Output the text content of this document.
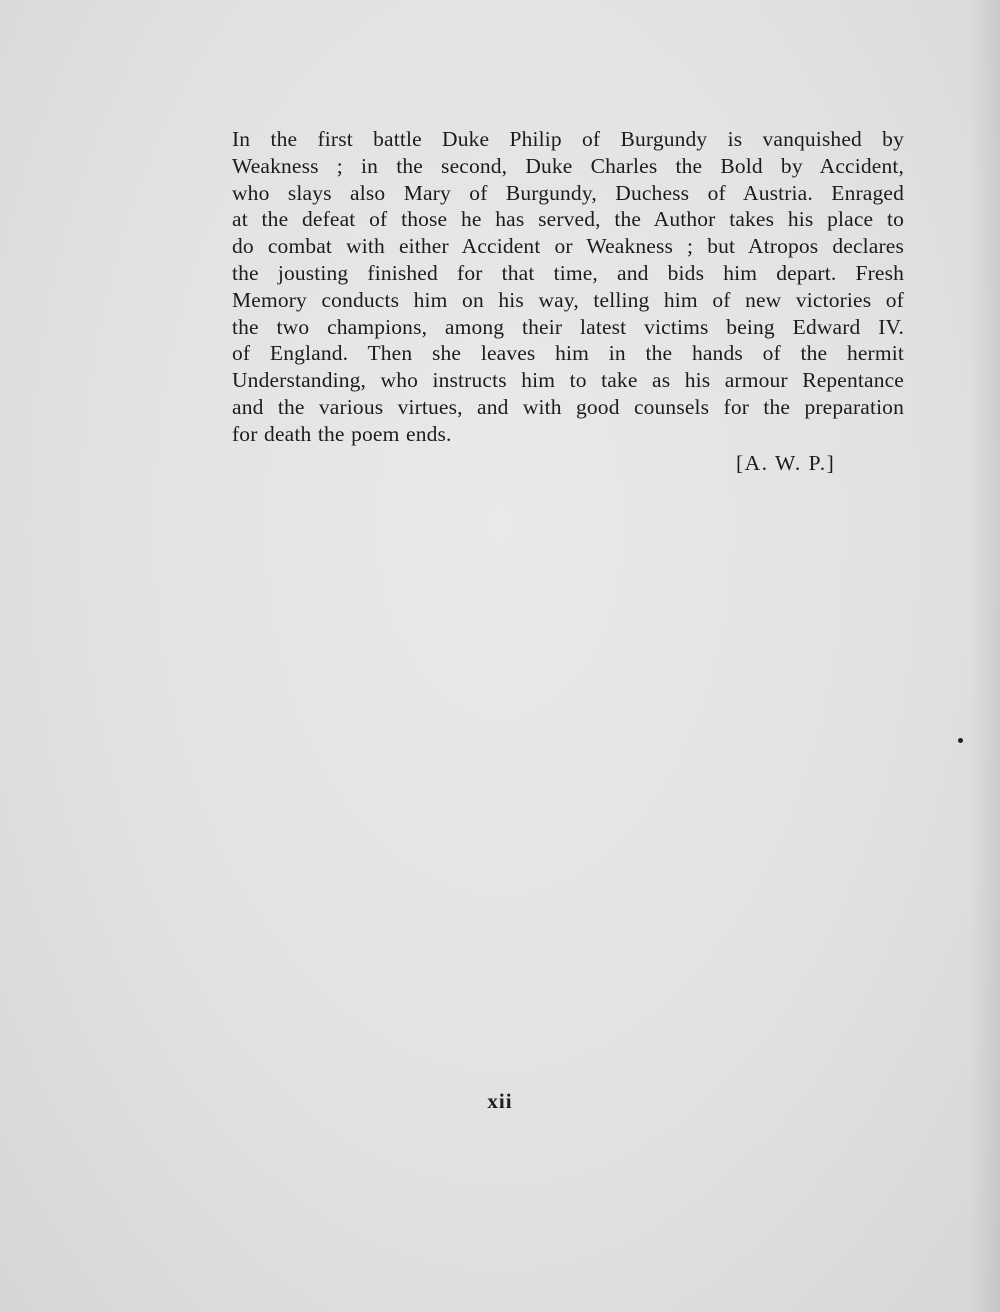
In the first battle Duke Philip of Burgundy is vanquished by
Weakness ; in the second, Duke Charles the Bold by Accident,
who slays also Mary of Burgundy, Duchess of Austria. Enraged
at the defeat of those he has served, the Author takes his place to
do combat with either Accident or Weakness ; but Atropos declares
the jousting finished for that time, and bids him depart. Fresh
Memory conducts him on his way, telling him of new victories of
the two champions, among their latest victims being Edward IV.
of England. Then she leaves him in the hands of the hermit
Understanding, who instructs him to take as his armour Repentance
and the various virtues, and with good counsels for the preparation
for death the poem ends.
[A. W. P.]
xii
